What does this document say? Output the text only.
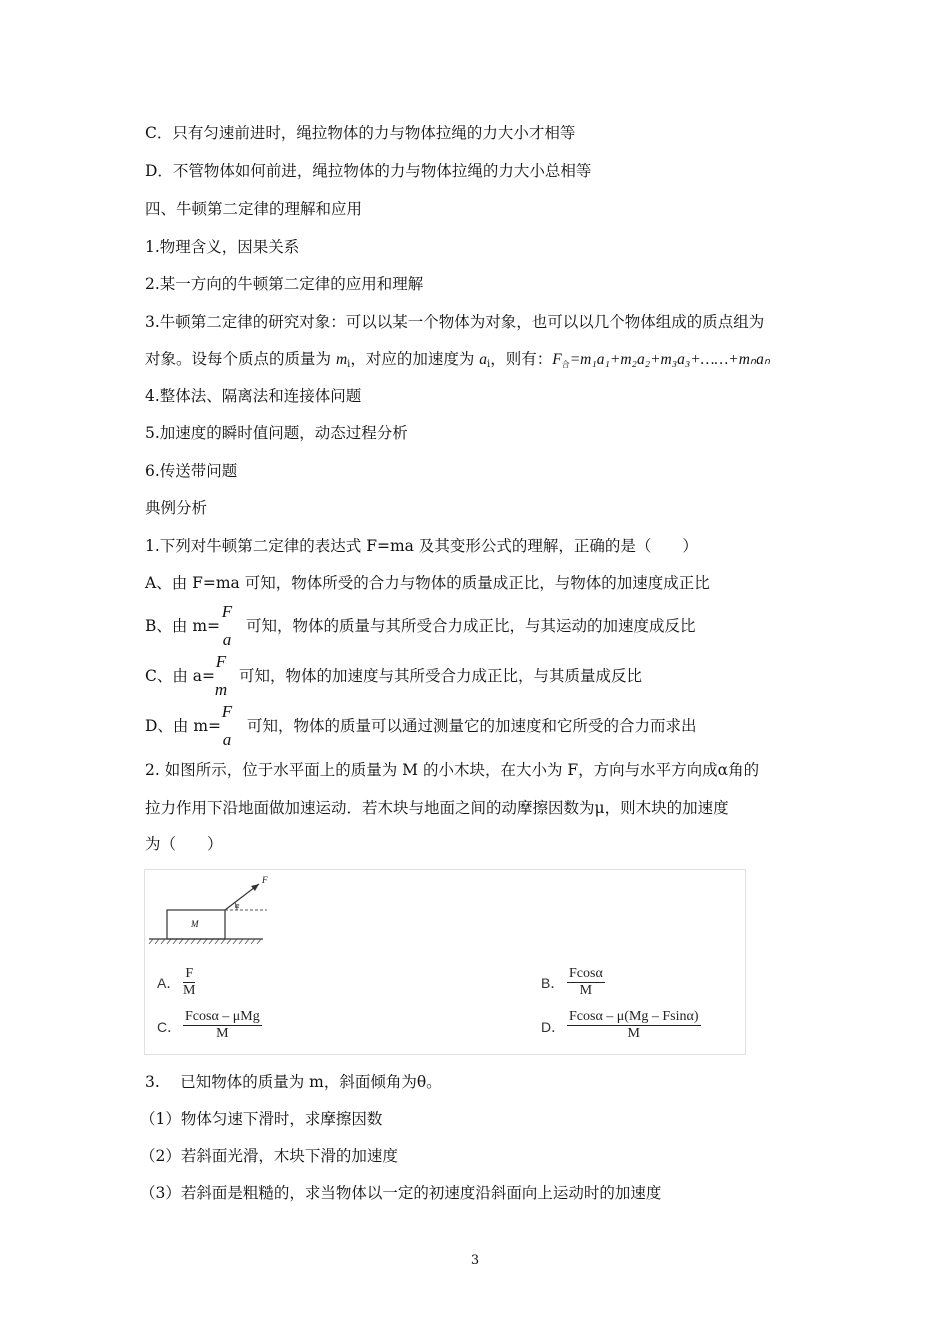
C．只有匀速前进时，绳拉物体的力与物体拉绳的力大小才相等
D．不管物体如何前进，绳拉物体的力与物体拉绳的力大小总相等
四、牛顿第二定律的理解和应用
1.物理含义，因果关系
2.某一方向的牛顿第二定律的应用和理解
3.牛顿第二定律的研究对象：可以以某一个物体为对象，也可以以几个物体组成的质点组为
对象。设每个质点的质量为 $m_i$，对应的加速度为 $a_i$，则有：$F_合=m_1a_1+m_2a_2+m_3a_3+\dots\dots+m_na_n$
4.整体法、隔离法和连接体问题
5.加速度的瞬时值问题，动态过程分析
6.传送带问题
典例分析
1.下列对牛顿第二定律的表达式 F=ma 及其变形公式的理解，正确的是（　　）
A、由 F=ma 可知，物体所受的合力与物体的质量成正比，与物体的加速度成正比
B、由 m= 可知，物体的质量与其所受合力成正比，与其运动的加速度成反比
F
a
C、由 a= 可知，物体的加速度与其所受合力成正比，与其质量成反比
F
m
D、由 m= 可知，物体的质量可以通过测量它的加速度和它所受的合力而求出
F
a
2. 如图所示，位于水平面上的质量为 M 的小木块，在大小为 F，方向与水平方向成α角的
拉力作用下沿地面做加速运动．若木块与地面之间的动摩擦因数为μ，则木块的加速度
为（　　）
M
F
α
A． $\frac{F}{M}$	B． $\frac{Fcos\alpha}{M}$
C．
Fcosα – μMg
M	D． $\frac{Fcos\alpha - \mu(Mg - Fsin\alpha)}{M}$
3.　 已知物体的质量为 m，斜面倾角为θ。
（1）物体匀速下滑时，求摩擦因数
（2）若斜面光滑，木块下滑的加速度
（3）若斜面是粗糙的，求当物体以一定的初速度沿斜面向上运动时的加速度
3
